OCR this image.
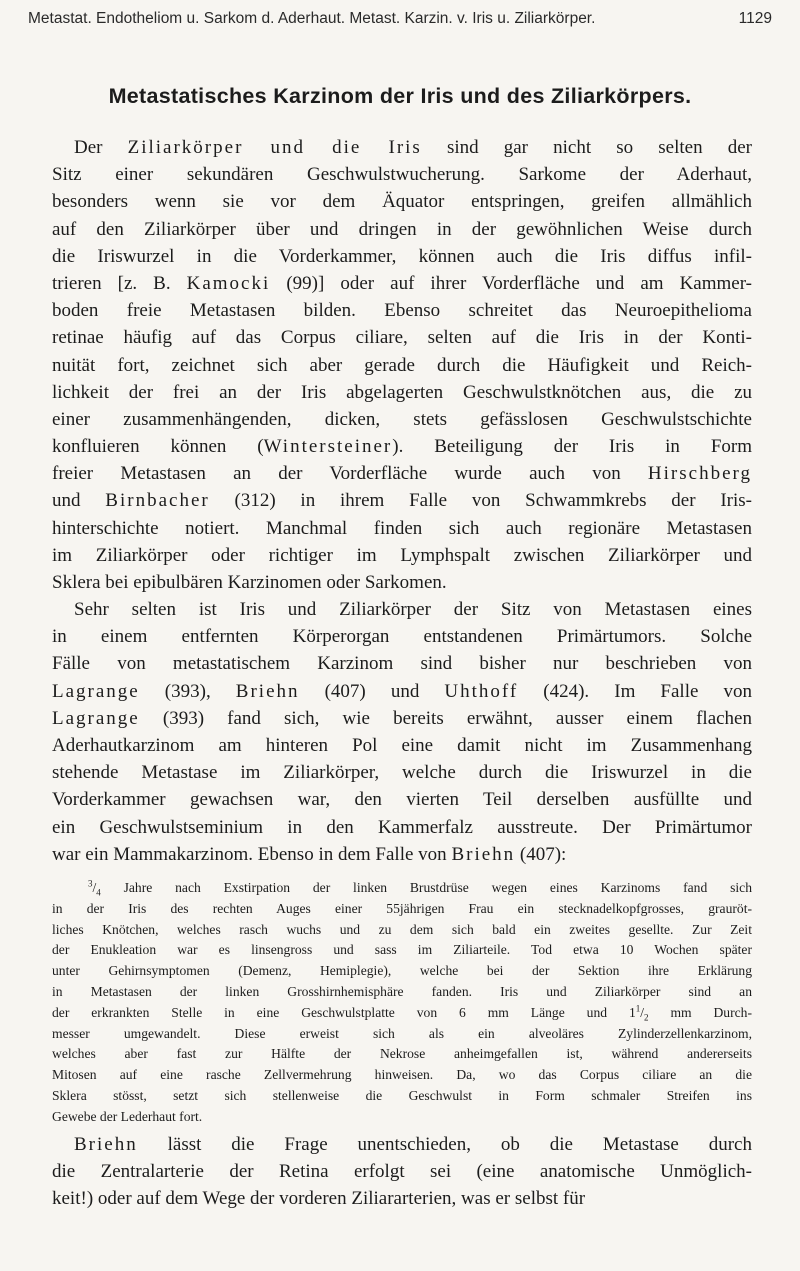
Metastat. Endotheliom u. Sarkom d. Aderhaut. Metast. Karzin. v. Iris u. Ziliarkörper.	1129
Metastatisches Karzinom der Iris und des Ziliarkörpers.
Der Ziliarkörper und die Iris sind gar nicht so selten der
Sitz einer sekundären Geschwulstwucherung. Sarkome der Aderhaut,
besonders wenn sie vor dem Äquator entspringen, greifen allmählich
auf den Ziliarkörper über und dringen in der gewöhnlichen Weise durch
die Iriswurzel in die Vorderkammer, können auch die Iris diffus infil-
trieren [z. B. Kamocki (99)] oder auf ihrer Vorderfläche und am Kammer-
boden freie Metastasen bilden. Ebenso schreitet das Neuroepithelioma
retinae häufig auf das Corpus ciliare, selten auf die Iris in der Konti-
nuität fort, zeichnet sich aber gerade durch die Häufigkeit und Reich-
lichkeit der frei an der Iris abgelagerten Geschwulstknötchen aus, die zu
einer zusammenhängenden, dicken, stets gefässlosen Geschwulstschichte
konfluieren können (Wintersteiner). Beteiligung der Iris in Form
freier Metastasen an der Vorderfläche wurde auch von Hirschberg
und Birnbacher (312) in ihrem Falle von Schwammkrebs der Iris-
hinterschichte notiert. Manchmal finden sich auch regionäre Metastasen
im Ziliarkörper oder richtiger im Lymphspalt zwischen Ziliarkörper und
Sklera bei epibulbären Karzinomen oder Sarkomen.
Sehr selten ist Iris und Ziliarkörper der Sitz von Metastasen eines
in einem entfernten Körperorgan entstandenen Primärtumors. Solche
Fälle von metastatischem Karzinom sind bisher nur beschrieben von
Lagrange (393), Briehn (407) und Uhthoff (424). Im Falle von
Lagrange (393) fand sich, wie bereits erwähnt, ausser einem flachen
Aderhautkarzinom am hinteren Pol eine damit nicht im Zusammenhang
stehende Metastase im Ziliarkörper, welche durch die Iriswurzel in die
Vorderkammer gewachsen war, den vierten Teil derselben ausfüllte und
ein Geschwulstseminium in den Kammerfalz ausstreute. Der Primärtumor
war ein Mammakarzinom. Ebenso in dem Falle von Briehn (407):
$^3/_4$ Jahre nach Exstirpation der linken Brustdrüse wegen eines Karzinoms fand sich
in der Iris des rechten Auges einer 55jährigen Frau ein stecknadelkopfgrosses, grauröt-
liches Knötchen, welches rasch wuchs und zu dem sich bald ein zweites gesellte. Zur Zeit
der Enukleation war es linsengross und sass im Ziliarteile. Tod etwa 10 Wochen später
unter Gehirnsymptomen (Demenz, Hemiplegie), welche bei der Sektion ihre Erklärung
in Metastasen der linken Grosshirnhemisphäre fanden. Iris und Ziliarkörper sind an
der erkrankten Stelle in eine Geschwulstplatte von 6 mm Länge und $1^1/_2$ mm Durch-
messer umgewandelt. Diese erweist sich als ein alveoläres Zylinderzellenkarzinom,
welches aber fast zur Hälfte der Nekrose anheimgefallen ist, während andererseits
Mitosen auf eine rasche Zellvermehrung hinweisen. Da, wo das Corpus ciliare an die
Sklera stösst, setzt sich stellenweise die Geschwulst in Form schmaler Streifen ins
Gewebe der Lederhaut fort.
Briehn lässt die Frage unentschieden, ob die Metastase durch
die Zentralarterie der Retina erfolgt sei (eine anatomische Unmöglich-
keit!) oder auf dem Wege der vorderen Ziliararterien, was er selbst für
